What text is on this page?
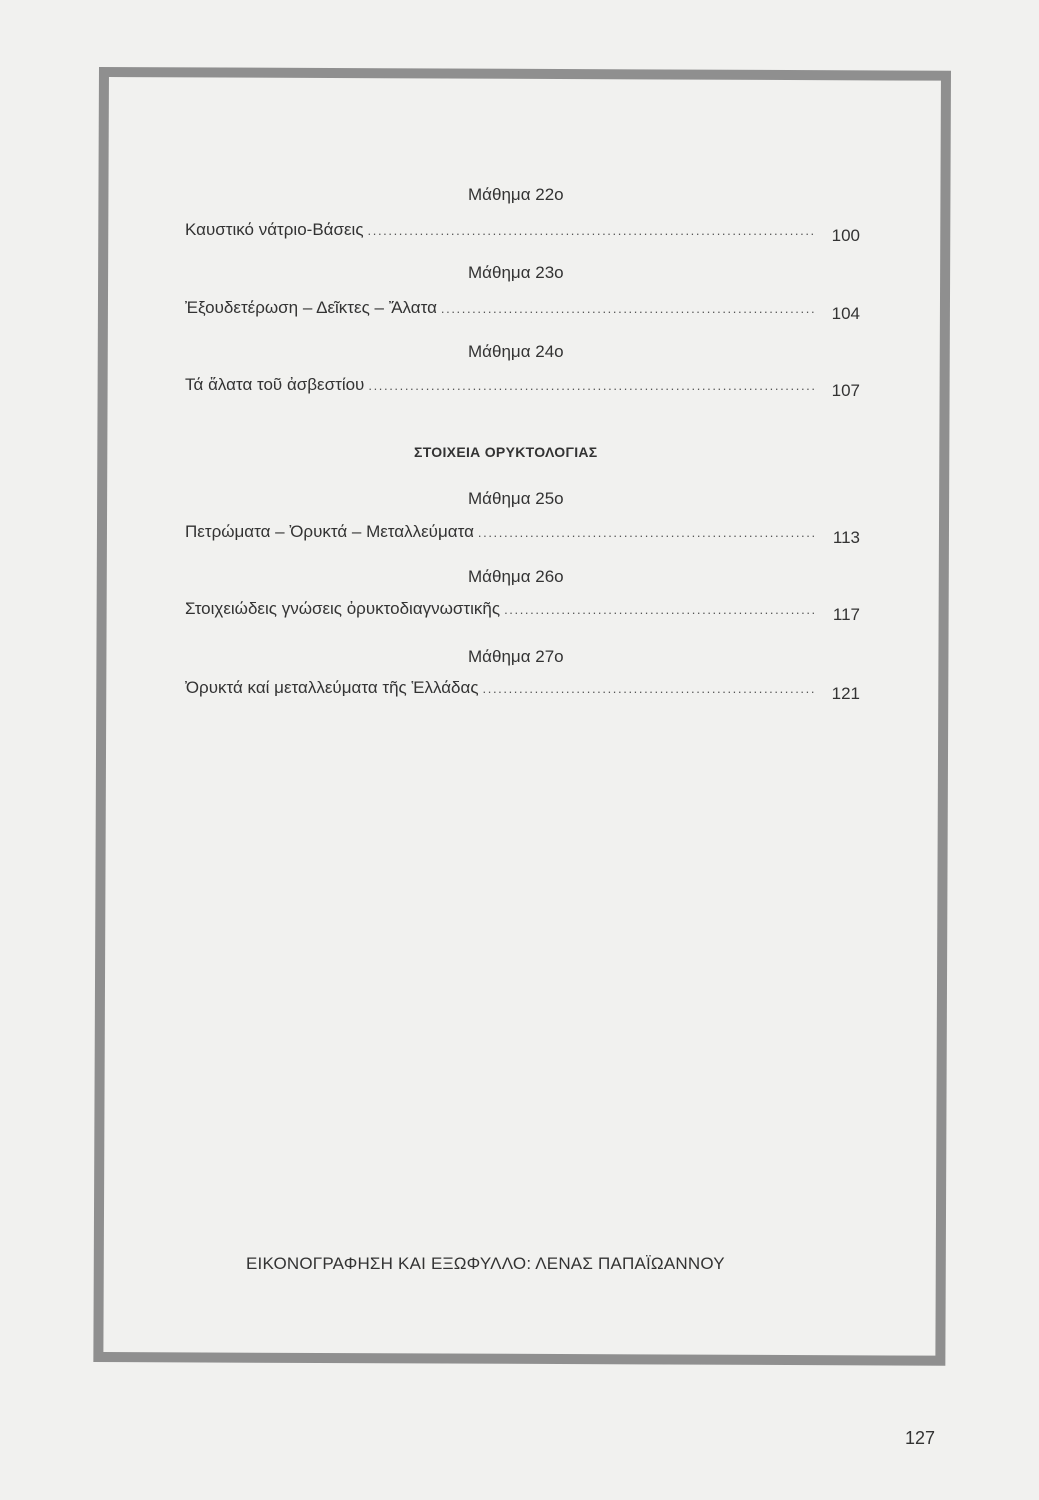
Μάθημα 22ο
Καυστικό νάτριο-Βάσεις .....	100
Μάθημα 23ο
Ἐξουδετέρωση – Δεῖκτες – Ἄλατα .....	104
Μάθημα 24ο
Τά ἅλατα τοῦ ἀσβεστίου .....	107
ΣΤΟΙΧΕΙΑ ΟΡΥΚΤΟΛΟΓΙΑΣ
Μάθημα 25ο
Πετρώματα – Ὀρυκτά – Μεταλλεύματα .....	113
Μάθημα 26ο
Στοιχειώδεις γνώσεις ὀρυκτοδιαγνωστικῆς .....	117
Μάθημα 27ο
Ὀρυκτά καί μεταλλεύματα τῆς Ἑλλάδας .....	121
ΕΙΚΟΝΟΓΡΑΦΗΣΗ ΚΑΙ ΕΞΩΦΥΛΛΟ: ΛΕΝΑΣ ΠΑΠΑΪΩΑΝΝΟΥ
127
